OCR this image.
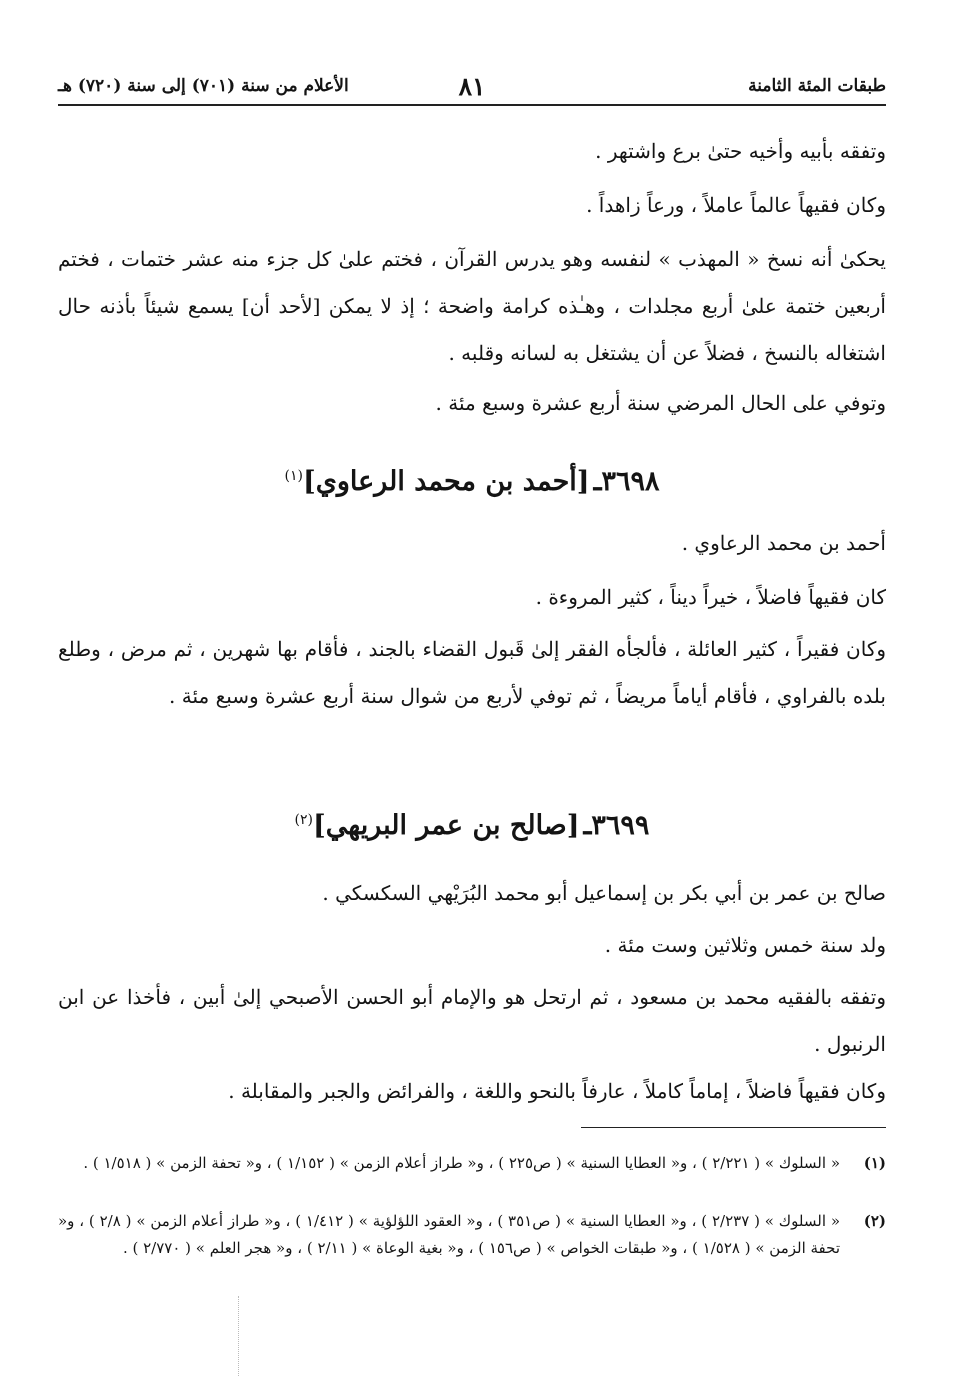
طبقات المئة الثامنة
٨١
الأعلام من سنة (٧٠١) إلى سنة (٧٢٠) هـ

وتفقه بأبيه وأخيه حتىٰ برع واشتهر .

وكان فقيهاً عالماً عاملاً ، ورعاً زاهداً .

يحكىٰ أنه نسخ « المهذب » لنفسه وهو يدرس القرآن ، فختم علىٰ كل جزء منه عشر ختمات ، فختم أربعين ختمة علىٰ أربع مجلدات ، وهـٰذه كرامة واضحة ؛ إذ لا يمكن [لأحد أن] يسمع شيئاً بأذنه حال اشتغاله بالنسخ ، فضلاً عن أن يشتغل به لسانه وقلبه .

وتوفي على الحال المرضي سنة أربع عشرة وسبع مئة .

٣٦٩٨ـ[أحمد بن محمد الرعاوي]$^{(١)}$

أحمد بن محمد الرعاوي .

كان فقيهاً فاضلاً ، خيراً ديناً ، كثير المروءة .

وكان فقيراً ، كثير العائلة ، فألجأه الفقر إلىٰ قَبول القضاء بالجند ، فأقام بها شهرين ، ثم مرض ، وطلع بلده بالفراوي ، فأقام أياماً مريضاً ، ثم توفي لأربع من شوال سنة أربع عشرة وسبع مئة .

٣٦٩٩ـ[صالح بن عمر البريهي]$^{(٢)}$

صالح بن عمر بن أبي بكر بن إسماعيل أبو محمد البُرَيْهي السكسكي .

ولد سنة خمس وثلاثين وست مئة .

وتفقه بالفقيه محمد بن مسعود ، ثم ارتحل هو والإمام أبو الحسن الأصبحي إلىٰ أبين ، فأخذا عن ابن الرنبول .

وكان فقيهاً فاضلاً ، إماماً كاملاً ، عارفاً بالنحو واللغة ، والفرائض والجبر والمقابلة .

(١)
« السلوك » ( ٢/٢٢١ ) ، و« العطايا السنية » ( ص٢٢٥ ) ، و« طراز أعلام الزمن » ( ١/١٥٢ ) ، و« تحفة الزمن » ( ١/٥١٨ ) .
(٢)
« السلوك » ( ٢/٢٣٧ ) ، و« العطايا السنية » ( ص٣٥١ ) ، و« العقود اللؤلؤية » ( ١/٤١٢ ) ، و« طراز أعلام الزمن » ( ٢/٨ ) ، و« تحفة الزمن » ( ١/٥٢٨ ) ، و« طبقات الخواص » ( ص١٥٦ ) ، و« بغية الوعاة » ( ٢/١١ ) ، و« هجر العلم » ( ٢/٧٧٠ ) .
